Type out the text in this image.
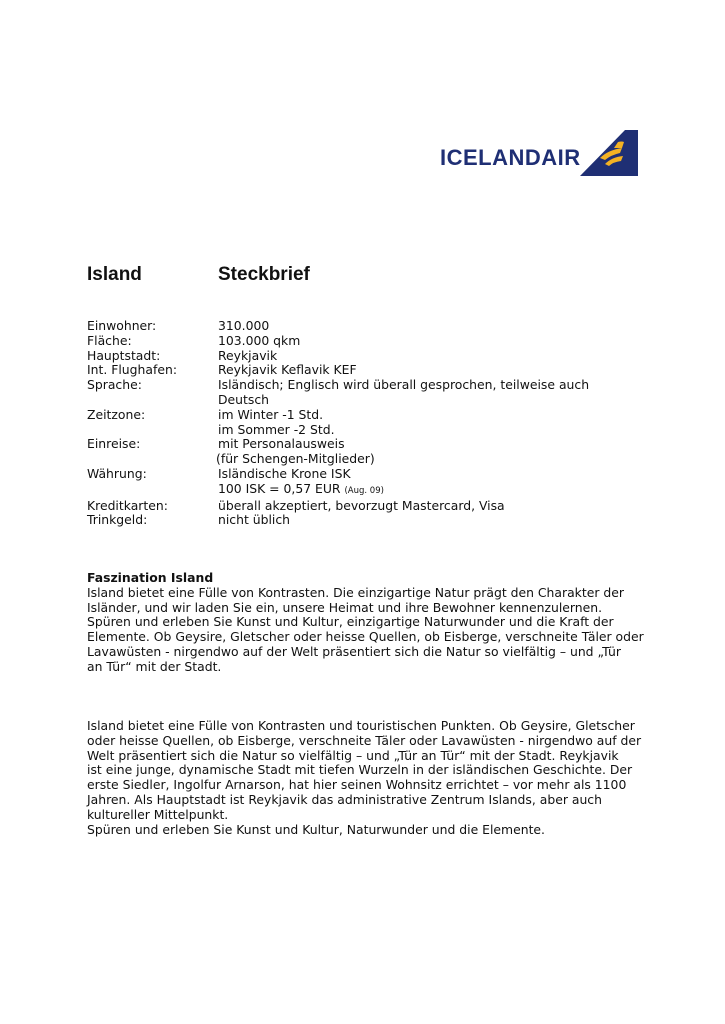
ICELANDAIR
Island	Steckbrief
Einwohner:	310.000
Fläche:	103.000 qkm
Hauptstadt:	Reykjavik
Int. Flughafen:	Reykjavik Keflavik KEF
Sprache:	Isländisch; Englisch wird überall gesprochen, teilweise auch
Deutsch
Zeitzone:	im Winter -1 Std.
im Sommer -2 Std.
Einreise:	mit Personalausweis
(für Schengen-Mitglieder)
Währung:	Isländische Krone ISK
100 ISK = 0,57 EUR (Aug. 09)
Kreditkarten:	überall akzeptiert, bevorzugt Mastercard, Visa
Trinkgeld:	nicht üblich
Faszination Island
Island bietet eine Fülle von Kontrasten. Die einzigartige Natur prägt den Charakter der
Isländer, und wir laden Sie ein, unsere Heimat und ihre Bewohner kennenzulernen.
Spüren und erleben Sie Kunst und Kultur, einzigartige Naturwunder und die Kraft der
Elemente. Ob Geysire, Gletscher oder heisse Quellen, ob Eisberge, verschneite Täler oder
Lavawüsten - nirgendwo auf der Welt präsentiert sich die Natur so vielfältig – und „Tür
an Tür“ mit der Stadt.
Island bietet eine Fülle von Kontrasten und touristischen Punkten. Ob Geysire, Gletscher
oder heisse Quellen, ob Eisberge, verschneite Täler oder Lavawüsten - nirgendwo auf der
Welt präsentiert sich die Natur so vielfältig – und „Tür an Tür“ mit der Stadt. Reykjavik
ist eine junge, dynamische Stadt mit tiefen Wurzeln in der isländischen Geschichte. Der
erste Siedler, Ingolfur Arnarson, hat hier seinen Wohnsitz errichtet – vor mehr als 1100
Jahren. Als Hauptstadt ist Reykjavik das administrative Zentrum Islands, aber auch
kultureller Mittelpunkt.
Spüren und erleben Sie Kunst und Kultur, Naturwunder und die Elemente.
